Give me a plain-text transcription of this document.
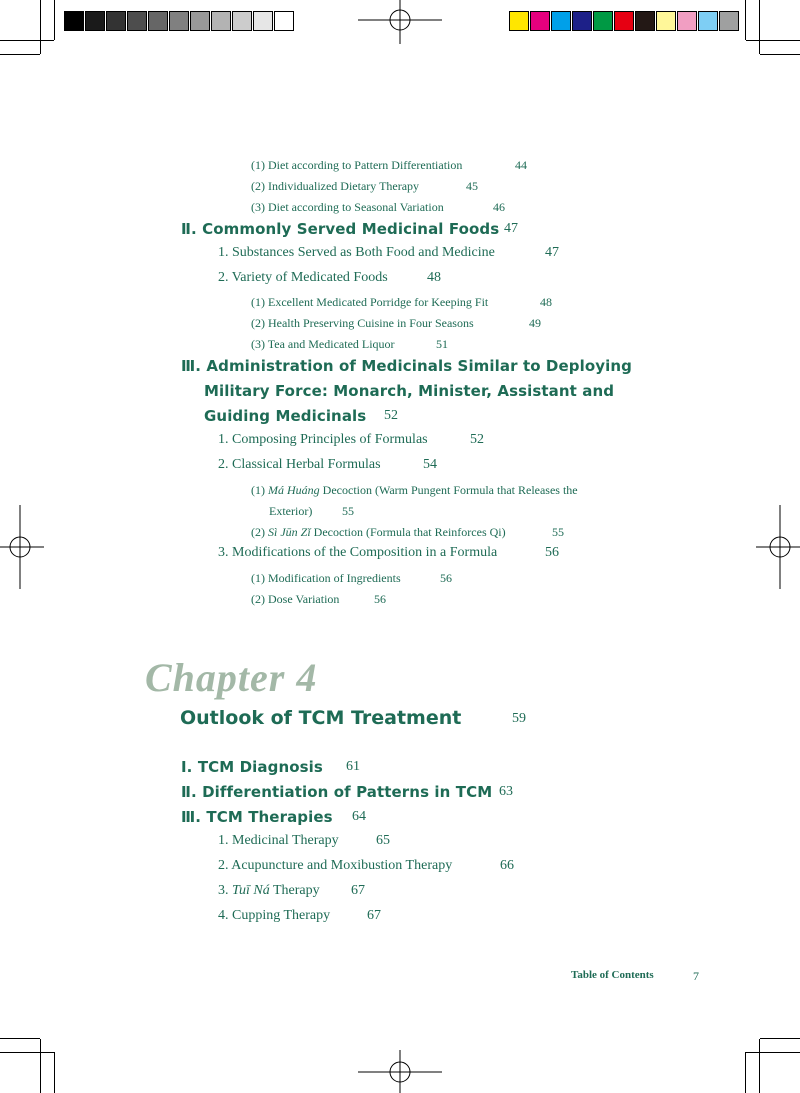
(1) Diet according to Pattern Differentiation	44
(2) Individualized Dietary Therapy	45
(3) Diet according to Seasonal Variation	46
Ⅱ. Commonly Served Medicinal Foods 47
1. Substances Served as Both Food and Medicine	47
2. Variety of Medicated Foods	48
(1) Excellent Medicated Porridge for Keeping Fit	48
(2) Health Preserving Cuisine in Four Seasons	49
(3) Tea and Medicated Liquor	51
Ⅲ. Administration of Medicinals Similar to Deploying
Military Force: Monarch, Minister, Assistant and
Guiding Medicinals 52
1. Composing Principles of Formulas	52
2. Classical Herbal Formulas	54
(1) Má Huáng Decoction (Warm Pungent Formula that Releases the
Exterior) 55
(2) Sì Jūn Zǐ Decoction (Formula that Reinforces Qi)	55
3. Modifications of the Composition in a Formula	56
(1) Modification of Ingredients	56
(2) Dose Variation	56
Chapter 4
Outlook of TCM Treatment	59
Ⅰ. TCM Diagnosis 61
Ⅱ. Differentiation of Patterns in TCM 63
Ⅲ. TCM Therapies 64
1. Medicinal Therapy	65
2. Acupuncture and Moxibustion Therapy	66
3. Tuī Ná Therapy 67
4. Cupping Therapy	67
Table of Contents	7
